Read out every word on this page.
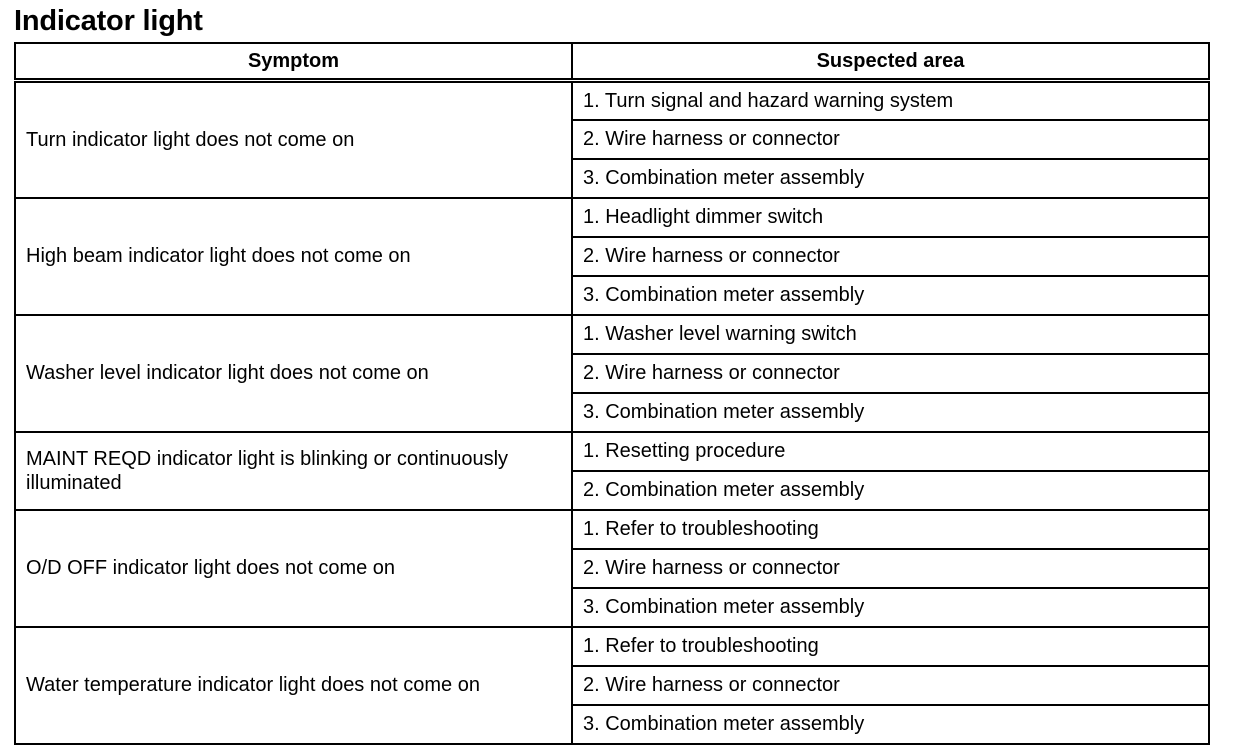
Indicator light
Symptom	Suspected area
Turn indicator light does not come on	1. Turn signal and hazard warning system
	2. Wire harness or connector
	3. Combination meter assembly
High beam indicator light does not come on	1. Headlight dimmer switch
	2. Wire harness or connector
	3. Combination meter assembly
Washer level indicator light does not come on	1. Washer level warning switch
	2. Wire harness or connector
	3. Combination meter assembly
MAINT REQD indicator light is blinking or continuously illuminated	1. Resetting procedure
	2. Combination meter assembly
O/D OFF indicator light does not come on	1. Refer to troubleshooting
	2. Wire harness or connector
	3. Combination meter assembly
Water temperature indicator light does not come on	1. Refer to troubleshooting
	2. Wire harness or connector
	3. Combination meter assembly
